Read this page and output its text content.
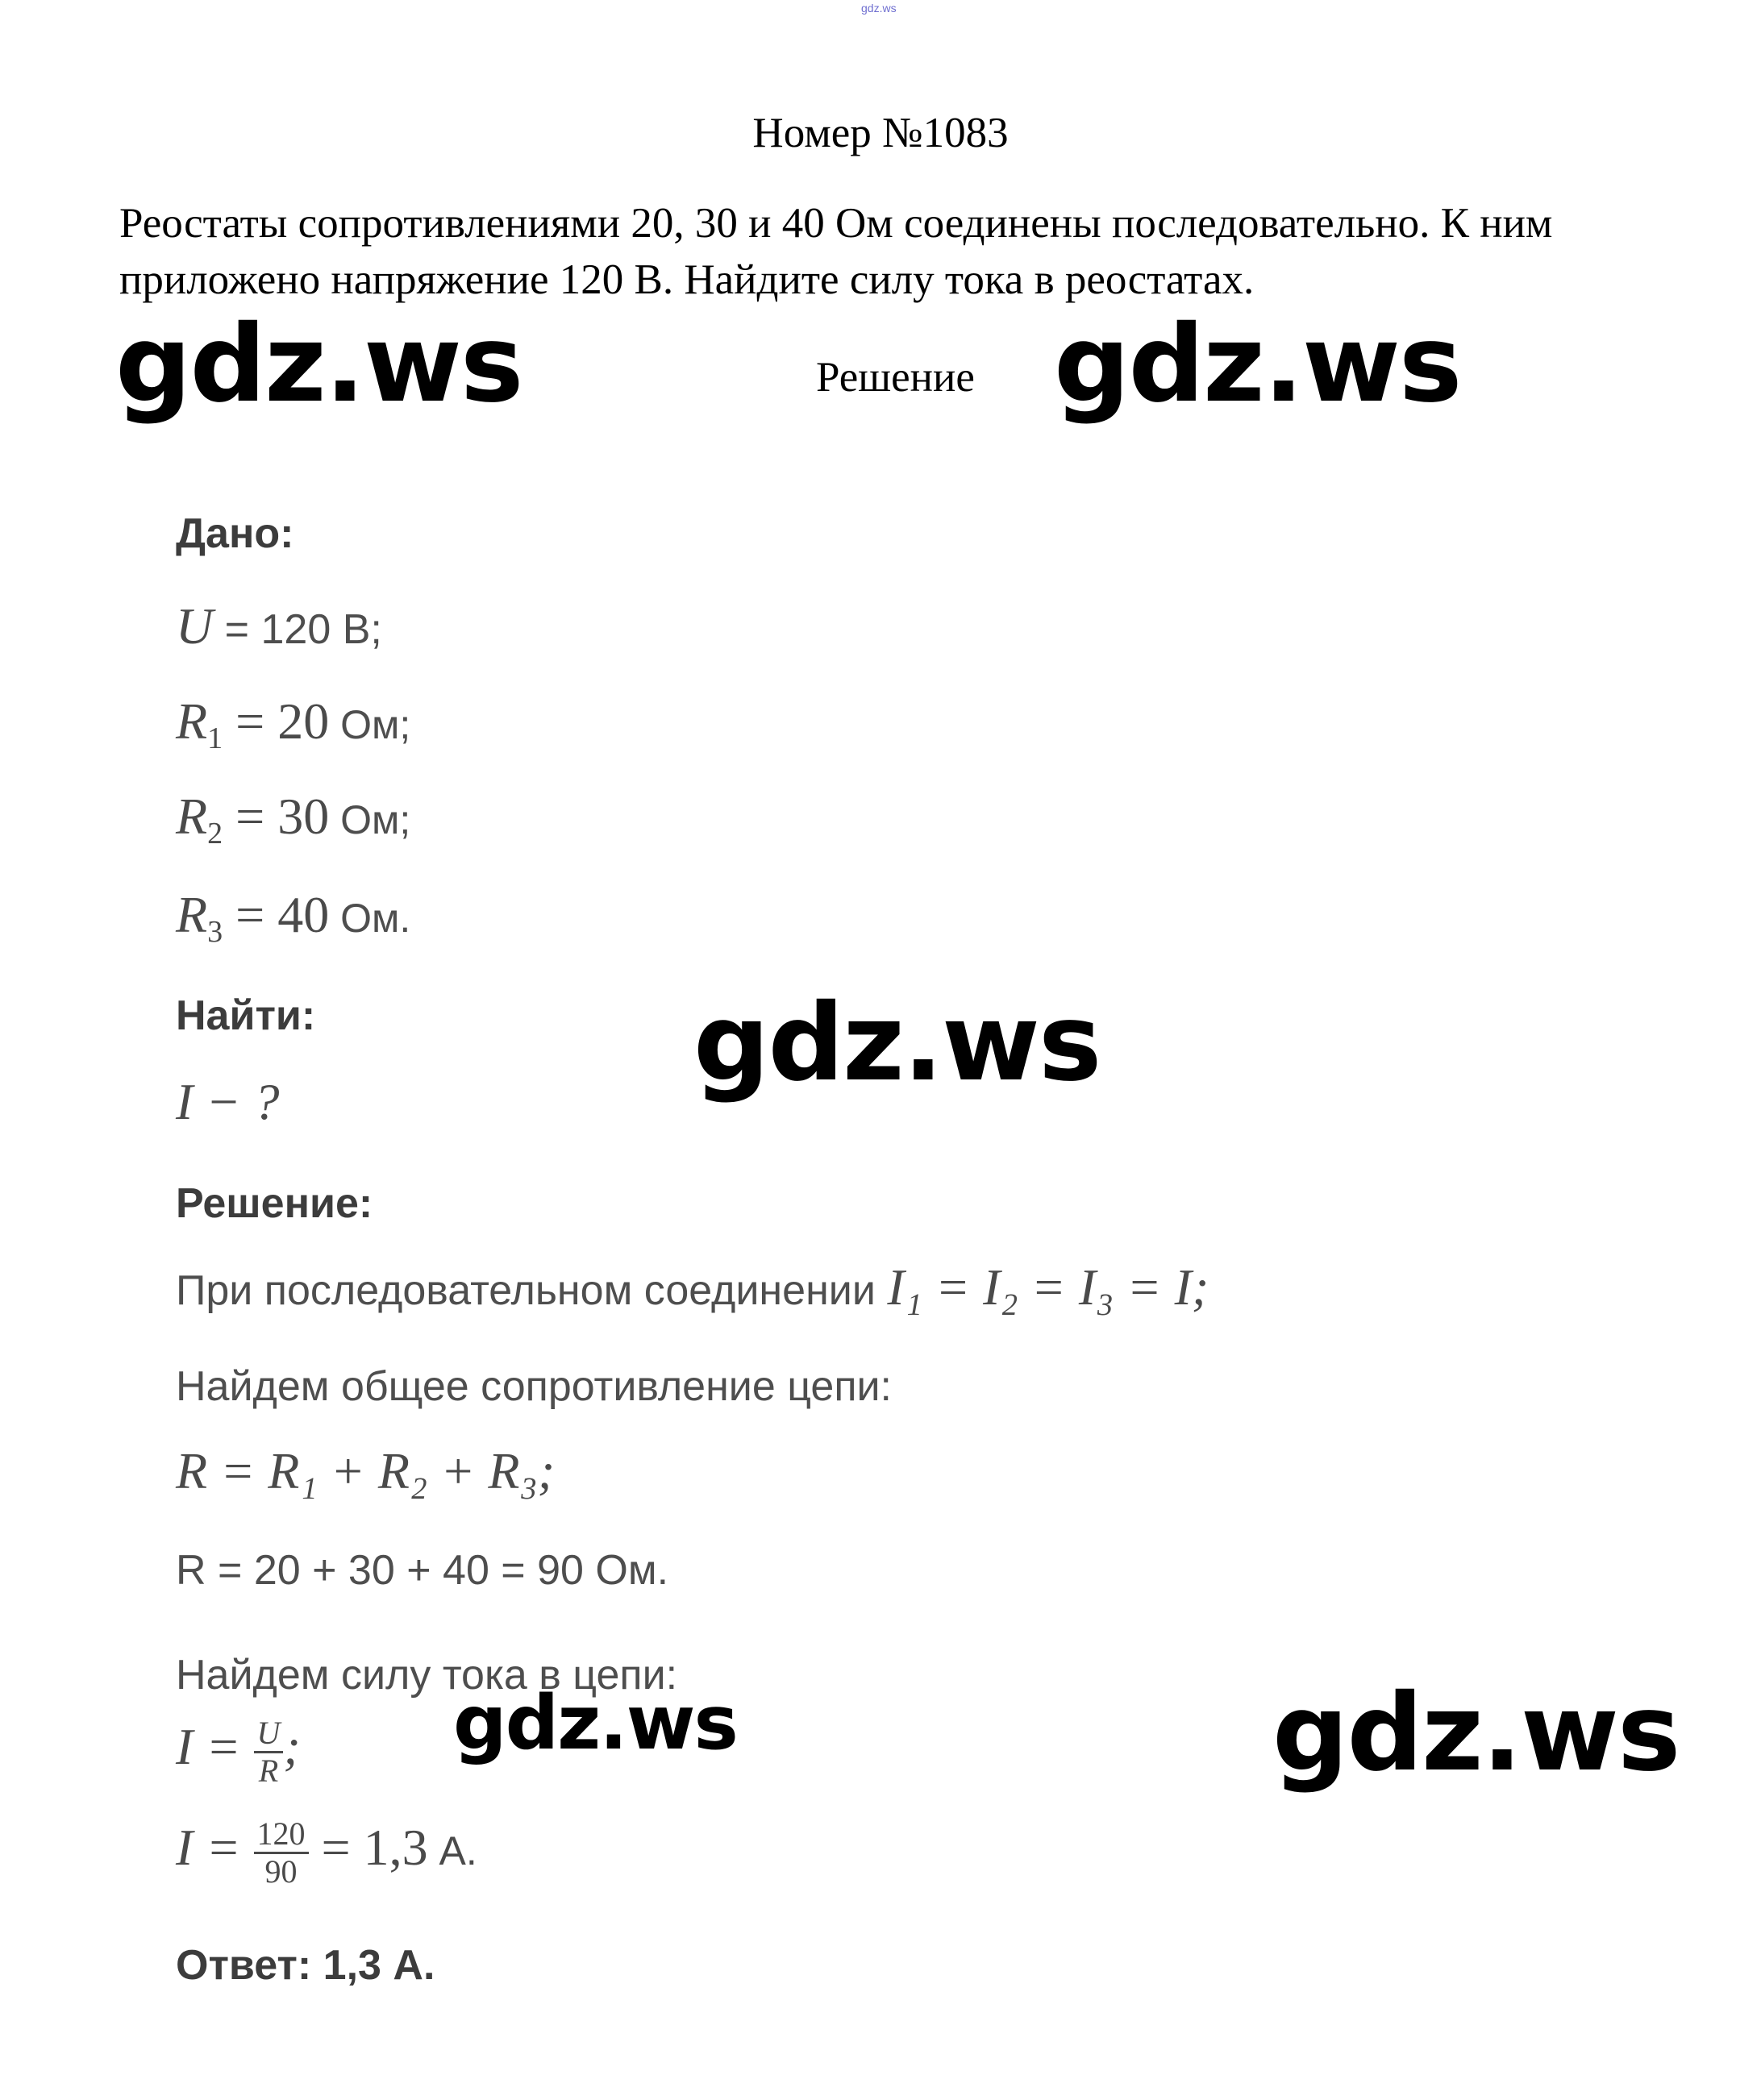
gdz.ws
Номер №1083
Реостаты сопротивлениями 20, 30 и 40 Ом соединены последовательно. К ним приложено напряжение 120 В. Найдите силу тока в реостатах.
Решение
gdz.ws	gdz.ws
gdz.ws
gdz.ws	gdz.ws
Дано:
U = 120 В;
$R_1 = 20$ Ом;
$R_2 = 30$ Ом;
$R_3 = 40$ Ом.
Найти:
I − ?
Решение:
При последовательном соединении I₁ = I₂ = I₃ = I;
Найдем общее сопротивление цепи:
R = R₁ + R₂ + R₃;
R = 20 + 30 + 40 = 90 Ом.
Найдем силу тока в цепи:
$I = \frac{U}{R}$ ;
$I = \frac{120}{90} = 1,3$ А.
Ответ: 1,3 А.
